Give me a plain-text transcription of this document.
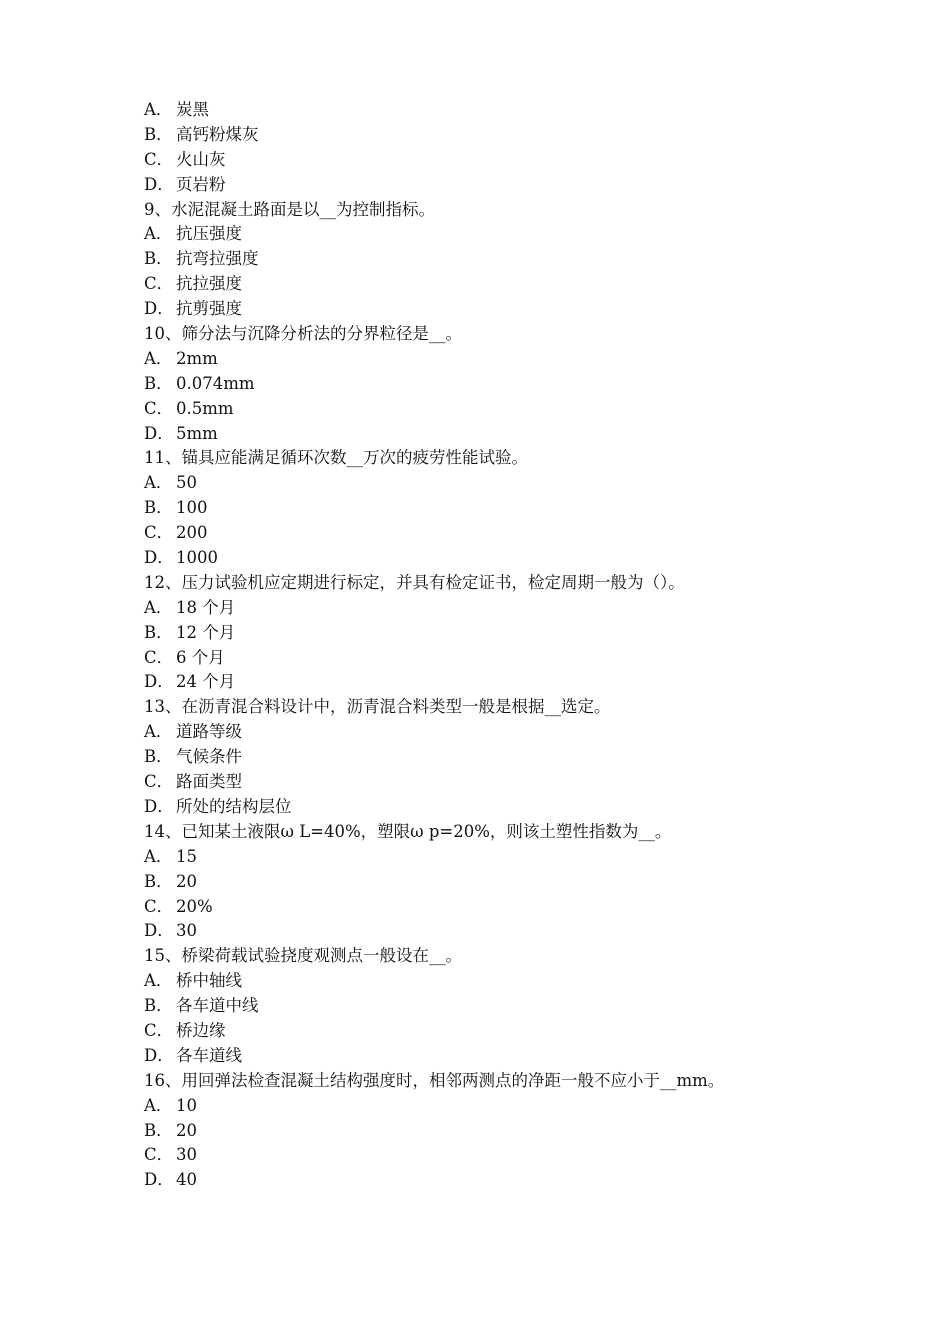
A． 炭黑
B． 高钙粉煤灰
C． 火山灰
D． 页岩粉
9、水泥混凝土路面是以__为控制指标。
A． 抗压强度
B． 抗弯拉强度
C． 抗拉强度
D． 抗剪强度
10、筛分法与沉降分析法的分界粒径是__。
A． 2mm
B． 0.074mm
C． 0.5mm
D． 5mm
11、锚具应能满足循环次数__万次的疲劳性能试验。
A． 50
B． 100
C． 200
D． 1000
12、压力试验机应定期进行标定，并具有检定证书，检定周期一般为（）。
A． 18 个月
B． 12 个月
C． 6 个月
D． 24 个月
13、在沥青混合料设计中，沥青混合料类型一般是根据__选定。
A． 道路等级
B． 气候条件
C． 路面类型
D． 所处的结构层位
14、已知某土液限ω L=40%，塑限ω p=20%，则该土塑性指数为__。
A． 15
B． 20
C． 20%
D． 30
15、桥梁荷载试验挠度观测点一般设在__。
A． 桥中轴线
B． 各车道中线
C． 桥边缘
D． 各车道线
16、用回弹法检查混凝土结构强度时，相邻两测点的净距一般不应小于__mm。
A． 10
B． 20
C． 30
D． 40
